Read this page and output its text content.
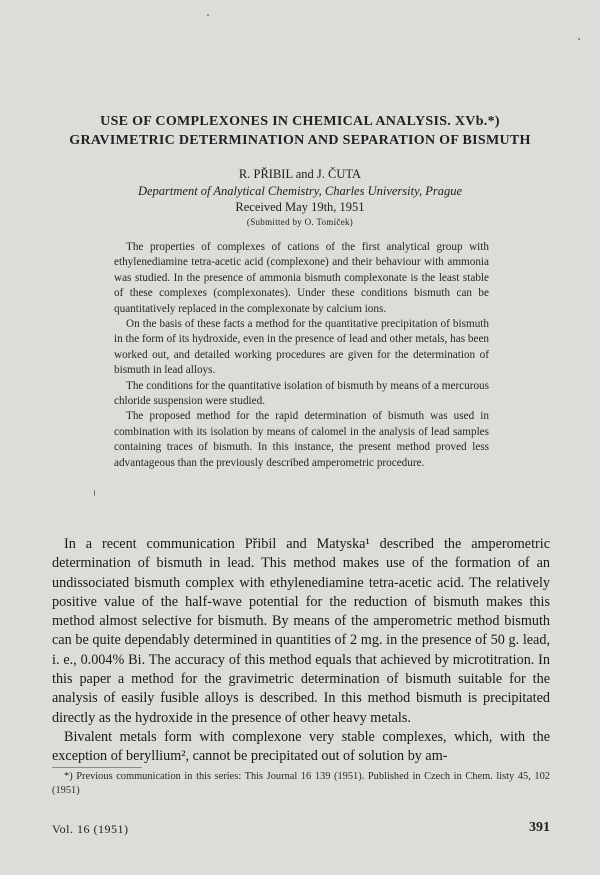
USE OF COMPLEXONES IN CHEMICAL ANALYSIS. XVb.*)
GRAVIMETRIC DETERMINATION AND SEPARATION OF BISMUTH
R. PŘIBIL and J. ČUTA
Department of Analytical Chemistry, Charles University, Prague
Received May 19th, 1951
(Submitted by O. Tomíček)

The properties of complexes of cations of the first analytical group with ethylenediamine tetra-acetic acid (complexone) and their behaviour with ammonia was studied. In the presence of ammonia bismuth complexonate is the least stable of these complexes (complexonates). Under these conditions bismuth can be quantitatively replaced in the complexonate by calcium ions.

On the basis of these facts a method for the quantitative precipitation of bismuth in the form of its hydroxide, even in the presence of lead and other metals, has been worked out, and detailed working procedures are given for the determination of bismuth in lead alloys.

The conditions for the quantitative isolation of bismuth by means of a mercurous chloride suspension were studied.

The proposed method for the rapid determination of bismuth was used in combination with its isolation by means of calomel in the analysis of lead samples containing traces of bismuth. In this instance, the present method proved less advantageous than the previously described amperometric procedure.

In a recent communication Přibil and Matyska¹ described the amperometric determination of bismuth in lead. This method makes use of the formation of an undissociated bismuth complex with ethylenediamine tetra-acetic acid. The relatively positive value of the half-wave potential for the reduction of bismuth makes this method almost selective for bismuth. By means of the amperometric method bismuth can be quite dependably determined in quantities of 2 mg. in the presence of 50 g. lead, i. e., 0.004% Bi. The accuracy of this method equals that achieved by microtitration. In this paper a method for the gravimetric determination of bismuth suitable for the analysis of easily fusible alloys is described. In this method bismuth is precipitated directly as the hydroxide in the presence of other heavy metals.

Bivalent metals form with complexone very stable complexes, which, with the exception of beryllium², cannot be precipitated out of solution by am-

*) Previous communication in this series: This Journal 16 139 (1951). Published in Czech in Chem. listy 45, 102 (1951)

Vol. 16 (1951)	391
